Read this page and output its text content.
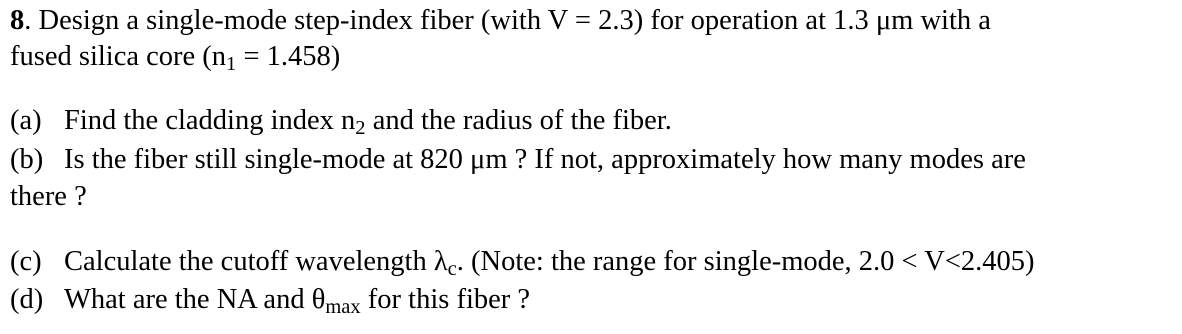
8. Design a single-mode step-index fiber (with V = 2.3) for operation at 1.3 μm with a
fused silica core $(n_1 = 1.458)$
(a) Find the cladding index $n_2$ and the radius of the fiber.
(b) Is the fiber still single-mode at 820 μm ? If not, approximately how many modes are
there ?
(c) Calculate the cutoff wavelength $\lambda_c$. (Note: the range for single-mode, 2.0 < V<2.405)
(d) What are the NA and $\theta_{max}$ for this fiber ?
